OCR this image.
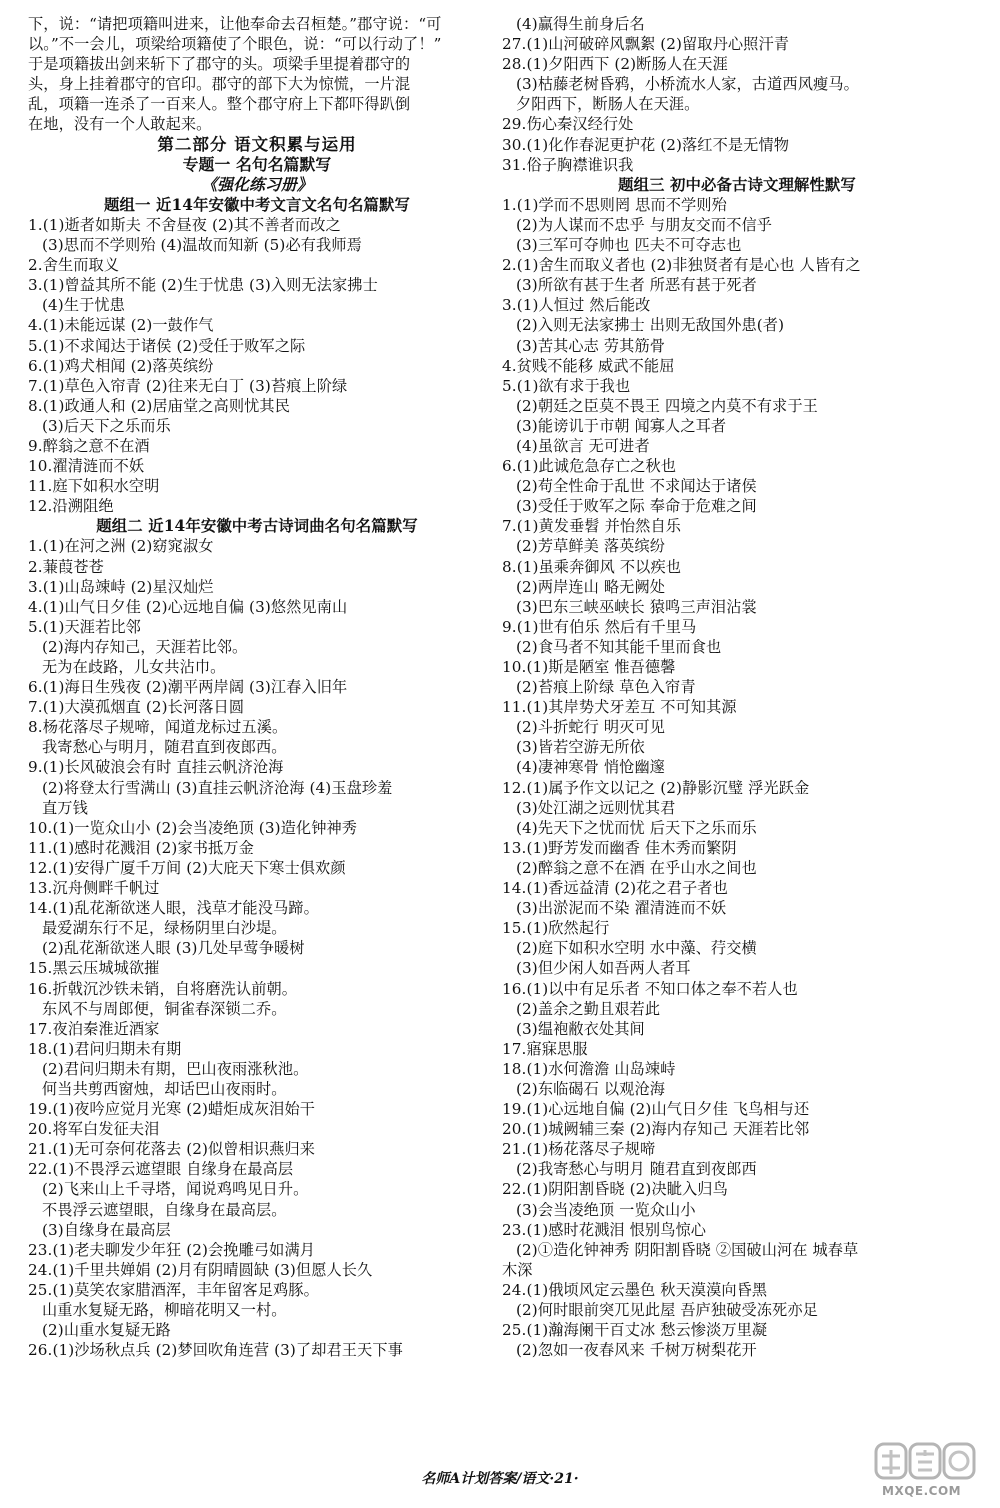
下，说：“请把项籍叫进来，让他奉命去召桓楚。”郡守说：“可
以。”不一会儿，项梁给项籍使了个眼色，说：“可以行动了！”
于是项籍拔出剑来斩下了郡守的头。项梁手里提着郡守的
头，身上挂着郡守的官印。郡守的部下大为惊慌，一片混
乱，项籍一连杀了一百来人。整个郡守府上下都吓得趴倒
在地，没有一个人敢起来。
第二部分 语文积累与运用
专题一 名句名篇默写
《强化练习册》
题组一 近14年安徽中考文言文名句名篇默写
1.(1)逝者如斯夫 不舍昼夜 (2)其不善者而改之
(3)思而不学则殆 (4)温故而知新 (5)必有我师焉
2.舍生而取义
3.(1)曾益其所不能 (2)生于忧患 (3)入则无法家拂士
(4)生于忧患
4.(1)未能远谋 (2)一鼓作气
5.(1)不求闻达于诸侯 (2)受任于败军之际
6.(1)鸡犬相闻 (2)落英缤纷
7.(1)草色入帘青 (2)往来无白丁 (3)苔痕上阶绿
8.(1)政通人和 (2)居庙堂之高则忧其民
(3)后天下之乐而乐
9.醉翁之意不在酒
10.濯清涟而不妖
11.庭下如积水空明
12.沿溯阻绝
题组二 近14年安徽中考古诗词曲名句名篇默写
1.(1)在河之洲 (2)窈窕淑女
2.蒹葭苍苍
3.(1)山岛竦峙 (2)星汉灿烂
4.(1)山气日夕佳 (2)心远地自偏 (3)悠然见南山
5.(1)天涯若比邻
(2)海内存知己，天涯若比邻。
无为在歧路，儿女共沾巾。
6.(1)海日生残夜 (2)潮平两岸阔 (3)江春入旧年
7.(1)大漠孤烟直 (2)长河落日圆
8.杨花落尽子规啼，闻道龙标过五溪。
我寄愁心与明月，随君直到夜郎西。
9.(1)长风破浪会有时 直挂云帆济沧海
(2)将登太行雪满山 (3)直挂云帆济沧海 (4)玉盘珍羞
直万钱
10.(1)一览众山小 (2)会当凌绝顶 (3)造化钟神秀
11.(1)感时花溅泪 (2)家书抵万金
12.(1)安得广厦千万间 (2)大庇天下寒士俱欢颜
13.沉舟侧畔千帆过
14.(1)乱花渐欲迷人眼，浅草才能没马蹄。
最爱湖东行不足，绿杨阴里白沙堤。
(2)乱花渐欲迷人眼 (3)几处早莺争暖树
15.黑云压城城欲摧
16.折戟沉沙铁未销，自将磨洗认前朝。
东风不与周郎便，铜雀春深锁二乔。
17.夜泊秦淮近酒家
18.(1)君问归期未有期
(2)君问归期未有期，巴山夜雨涨秋池。
何当共剪西窗烛，却话巴山夜雨时。
19.(1)夜吟应觉月光寒 (2)蜡炬成灰泪始干
20.将军白发征夫泪
21.(1)无可奈何花落去 (2)似曾相识燕归来
22.(1)不畏浮云遮望眼 自缘身在最高层
(2)飞来山上千寻塔，闻说鸡鸣见日升。
不畏浮云遮望眼，自缘身在最高层。
(3)自缘身在最高层
23.(1)老夫聊发少年狂 (2)会挽雕弓如满月
24.(1)千里共婵娟 (2)月有阴晴圆缺 (3)但愿人长久
25.(1)莫笑农家腊酒浑，丰年留客足鸡豚。
山重水复疑无路，柳暗花明又一村。
(2)山重水复疑无路
26.(1)沙场秋点兵 (2)梦回吹角连营 (3)了却君王天下事
(4)赢得生前身后名
27.(1)山河破碎风飘絮 (2)留取丹心照汗青
28.(1)夕阳西下 (2)断肠人在天涯
(3)枯藤老树昏鸦，小桥流水人家，古道西风瘦马。
夕阳西下，断肠人在天涯。
29.伤心秦汉经行处
30.(1)化作春泥更护花 (2)落红不是无情物
31.俗子胸襟谁识我
题组三 初中必备古诗文理解性默写
1.(1)学而不思则罔 思而不学则殆
(2)为人谋而不忠乎 与朋友交而不信乎
(3)三军可夺帅也 匹夫不可夺志也
2.(1)舍生而取义者也 (2)非独贤者有是心也 人皆有之
(3)所欲有甚于生者 所恶有甚于死者
3.(1)人恒过 然后能改
(2)入则无法家拂士 出则无敌国外患(者)
(3)苦其心志 劳其筋骨
4.贫贱不能移 威武不能屈
5.(1)欲有求于我也
(2)朝廷之臣莫不畏王 四境之内莫不有求于王
(3)能谤讥于市朝 闻寡人之耳者
(4)虽欲言 无可进者
6.(1)此诚危急存亡之秋也
(2)苟全性命于乱世 不求闻达于诸侯
(3)受任于败军之际 奉命于危难之间
7.(1)黄发垂髫 并怡然自乐
(2)芳草鲜美 落英缤纷
8.(1)虽乘奔御风 不以疾也
(2)两岸连山 略无阙处
(3)巴东三峡巫峡长 猿鸣三声泪沾裳
9.(1)世有伯乐 然后有千里马
(2)食马者不知其能千里而食也
10.(1)斯是陋室 惟吾德馨
(2)苔痕上阶绿 草色入帘青
11.(1)其岸势犬牙差互 不可知其源
(2)斗折蛇行 明灭可见
(3)皆若空游无所依
(4)凄神寒骨 悄怆幽邃
12.(1)属予作文以记之 (2)静影沉璧 浮光跃金
(3)处江湖之远则忧其君
(4)先天下之忧而忧 后天下之乐而乐
13.(1)野芳发而幽香 佳木秀而繁阴
(2)醉翁之意不在酒 在乎山水之间也
14.(1)香远益清 (2)花之君子者也
(3)出淤泥而不染 濯清涟而不妖
15.(1)欣然起行
(2)庭下如积水空明 水中藻、荇交横
(3)但少闲人如吾两人者耳
16.(1)以中有足乐者 不知口体之奉不若人也
(2)盖余之勤且艰若此
(3)缊袍敝衣处其间
17.寤寐思服
18.(1)水何澹澹 山岛竦峙
(2)东临碣石 以观沧海
19.(1)心远地自偏 (2)山气日夕佳 飞鸟相与还
20.(1)城阙辅三秦 (2)海内存知己 天涯若比邻
21.(1)杨花落尽子规啼
(2)我寄愁心与明月 随君直到夜郎西
22.(1)阴阳割昏晓 (2)决眦入归鸟
(3)会当凌绝顶 一览众山小
23.(1)感时花溅泪 恨别鸟惊心
(2)①造化钟神秀 阴阳割昏晓 ②国破山河在 城春草
木深
24.(1)俄顷风定云墨色 秋天漠漠向昏黑
(2)何时眼前突兀见此屋 吾庐独破受冻死亦足
25.(1)瀚海阑干百丈冰 愁云惨淡万里凝
(2)忽如一夜春风来 千树万树梨花开
名师A计划答案/语文·21·
MXQE.COM
